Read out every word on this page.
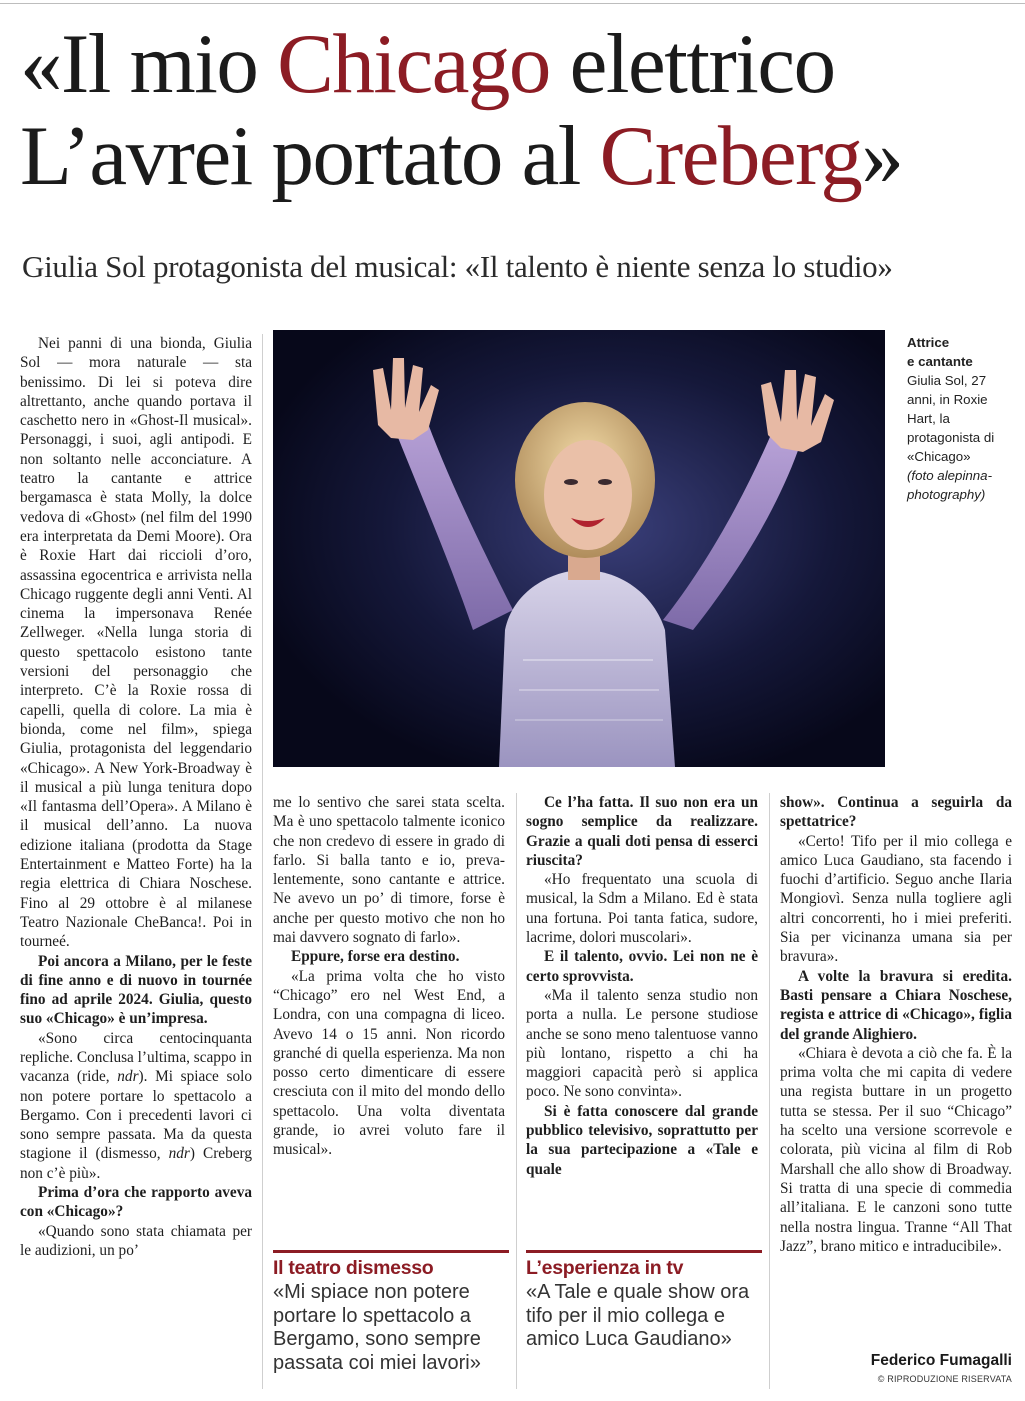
«Il mio Chicago elettrico
L’avrei portato al Creberg»
Giulia Sol protagonista del musical: «Il talento è niente senza lo studio»

Nei panni di una bionda, Giulia Sol — mora naturale — sta benissimo. Di lei si poteva dire altrettanto, anche quando portava il caschetto nero in «Ghost-Il musical». Personaggi, i suoi, agli antipodi. E non soltanto nelle acconciature. A teatro la cantante e attrice bergamasca è stata Molly, la dolce vedova di «Ghost» (nel film del 1990 era interpretata da Demi Moore). Ora è Roxie Hart dai riccioli d’oro, assassina egocentrica e arrivista nella Chicago ruggente degli anni Venti. Al cinema la impersonava Renée Zellweger. «Nella lunga storia di questo spettacolo esistono tante versioni del personaggio che interpreto. C’è la Roxie rossa di capelli, quella di colore. La mia è bionda, come nel film», spiega Giulia, protagonista del leggendario «Chicago». A New York-Broadway è il musical a più lunga tenitura dopo «Il fantasma dell’Opera». A Milano è il musical dell’anno. La nuova edizione italiana (prodotta da Stage Entertainment e Matteo Forte) ha la regia elettrica di Chiara Noschese. Fino al 29 ottobre è al milanese Teatro Nazionale CheBanca!. Poi in tourneé.

Poi ancora a Milano, per le feste di fine anno e di nuovo in tournée fino ad aprile 2024. Giulia, questo suo «Chicago» è un’impresa.

«Sono circa centocinquanta repliche. Conclusa l’ultima, scappo in vacanza (ride, ndr). Mi spiace solo non potere portare lo spettacolo a Bergamo. Con i precedenti lavori ci sono sempre passata. Ma da questa stagione il (dismesso, ndr) Creberg non c’è più».

Prima d’ora che rapporto aveva con «Chicago»?

«Quando sono stata chiamata per le audizioni, un po’

Attrice
e cantante
Giulia Sol, 27 anni, in Roxie Hart, la protagonista di «Chicago»
(foto alepinna-photography)

me lo sentivo che sarei stata scelta. Ma è uno spettacolo talmente iconico che non credevo di essere in grado di farlo. Si balla tanto e io, prevalentemente, sono cantante e attrice. Ne avevo un po’ di timore, forse è anche per questo motivo che non ho mai davvero sognato di farlo».

Eppure, forse era destino.

«La prima volta che ho visto “Chicago” ero nel West End, a Londra, con una compagna di liceo. Avevo 14 o 15 anni. Non ricordo granché di quella esperienza. Ma non posso certo dimenticare di essere cresciuta con il mito del mondo dello spettacolo. Una volta diventata grande, io avrei voluto fare il musical».

Ce l’ha fatta. Il suo non era un sogno semplice da realizzare. Grazie a quali doti pensa di esserci riuscita?

«Ho frequentato una scuola di musical, la Sdm a Milano. Ed è stata una fortuna. Poi tanta fatica, sudore, lacrime, dolori muscolari».

E il talento, ovvio. Lei non ne è certo sprovvista.

«Ma il talento senza studio non porta a nulla. Le persone studiose anche se sono meno talentuose vanno più lontano, rispetto a chi ha maggiori capacità però si applica poco. Ne sono convinta».

Si è fatta conoscere dal grande pubblico televisivo, soprattutto per la sua partecipazione a «Tale e quale

show». Continua a seguirla da spettatrice?

«Certo! Tifo per il mio collega e amico Luca Gaudiano, sta facendo i fuochi d’artificio. Seguo anche Ilaria Mongiovì. Senza nulla togliere agli altri concorrenti, ho i miei preferiti. Sia per vicinanza umana sia per bravura».

A volte la bravura si eredita. Basti pensare a Chiara Noschese, regista e attrice di «Chicago», figlia del grande Alighiero.

«Chiara è devota a ciò che fa. È la prima volta che mi capita di vedere una regista buttare in un progetto tutta se stessa. Per il suo “Chicago” ha scelto una versione scorrevole e colorata, più vicina al film di Rob Marshall che allo show di Broadway. Si tratta di una specie di commedia all’italiana. E le canzoni sono tutte nella nostra lingua. Tranne “All That Jazz”, brano mitico e intraducibile».

Il teatro dismesso
«Mi spiace non potere portare lo spettacolo a Bergamo, sono sempre passata coi miei lavori»
L’esperienza in tv
«A Tale e quale show ora tifo per il mio collega e amico Luca Gaudiano»
Federico Fumagalli
© RIPRODUZIONE RISERVATA
